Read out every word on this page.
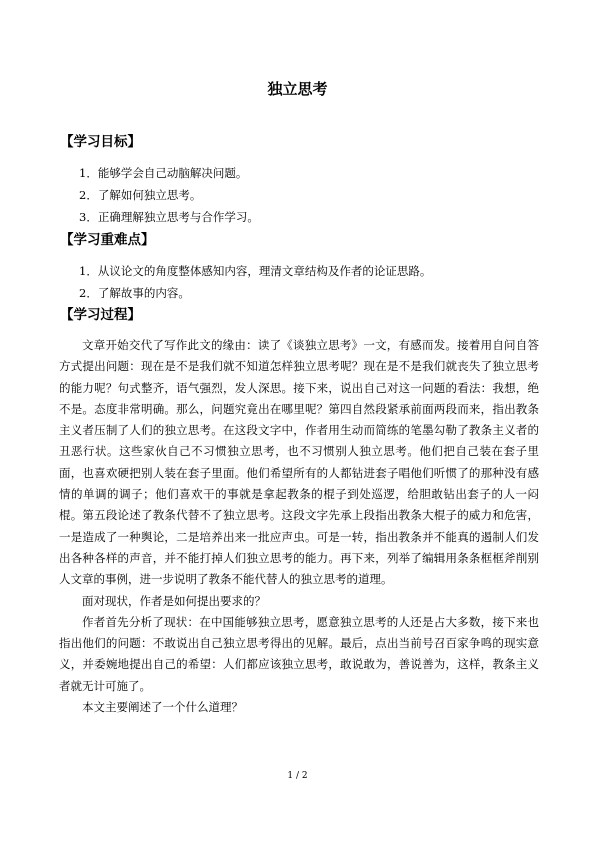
独立思考
【学习目标】
1．能够学会自己动脑解决问题。
2．了解如何独立思考。
3．正确理解独立思考与合作学习。
【学习重难点】
1．从议论文的角度整体感知内容，理清文章结构及作者的论证思路。
2．了解故事的内容。
【学习过程】

文章开始交代了写作此文的缘由：读了《谈独立思考》一文，有感而发。接着用自问自答方式提出问题：现在是不是我们就不知道怎样独立思考呢？现在是不是我们就丧失了独立思考的能力呢？句式整齐，语气强烈，发人深思。接下来，说出自己对这一问题的看法：我想，绝不是。态度非常明确。那么，问题究竟出在哪里呢？第四自然段紧承前面两段而来，指出教条主义者压制了人们的独立思考。在这段文字中，作者用生动而简练的笔墨勾勒了教条主义者的丑恶行状。这些家伙自己不习惯独立思考，也不习惯别人独立思考。他们把自己装在套子里面，也喜欢硬把别人装在套子里面。他们希望所有的人都钻进套子唱他们听惯了的那种没有感情的单调的调子；他们喜欢干的事就是拿起教条的棍子到处巡逻，给胆敢钻出套子的人一闷棍。第五段论述了教条代替不了独立思考。这段文字先承上段指出教条大棍子的威力和危害，一是造成了一种舆论，二是培养出来一批应声虫。可是一转，指出教条并不能真的遏制人们发出各种各样的声音，并不能打掉人们独立思考的能力。再下来，列举了编辑用条条框框斧削别人文章的事例，进一步说明了教条不能代替人的独立思考的道理。

面对现状，作者是如何提出要求的？

作者首先分析了现状：在中国能够独立思考，愿意独立思考的人还是占大多数，接下来也指出他们的问题：不敢说出自己独立思考得出的见解。最后，点出当前号召百家争鸣的现实意义，并委婉地提出自己的希望：人们都应该独立思考，敢说敢为，善说善为，这样，教条主义者就无计可施了。

本文主要阐述了一个什么道理？

1 / 2
